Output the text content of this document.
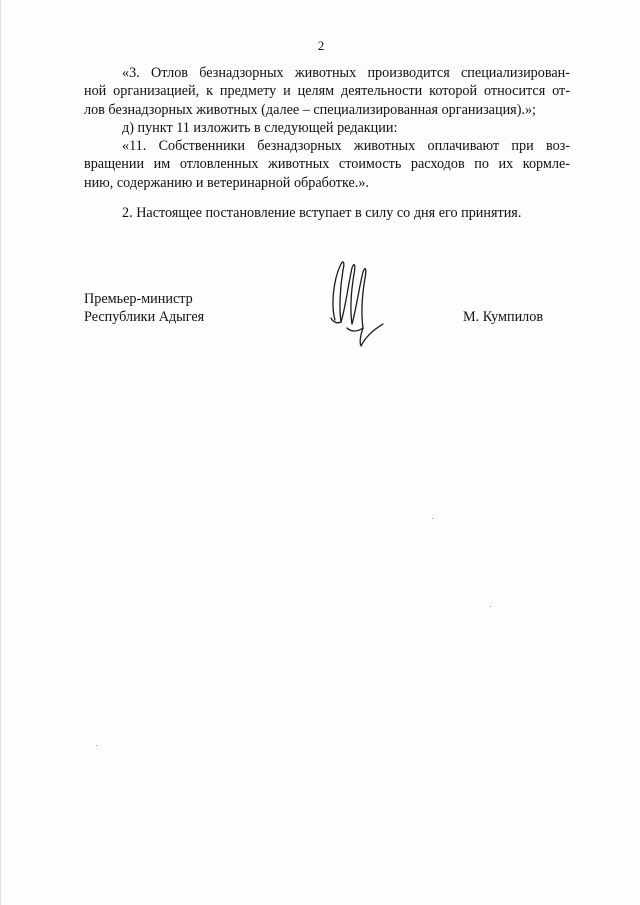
2
«3. Отлов безнадзорных животных производится специализирован-
ной организацией, к предмету и целям деятельности которой относится от-
лов безнадзорных животных (далее – специализированная организация).»;
д) пункт 11 изложить в следующей редакции:
«11. Собственники безнадзорных животных оплачивают при воз-
вращении им отловленных животных стоимость расходов по их кормле-
нию, содержанию и ветеринарной обработке.».
2. Настоящее постановление вступает в силу со дня его принятия.
Премьер-министр
Республики Адыгея	М. Кумпилов
